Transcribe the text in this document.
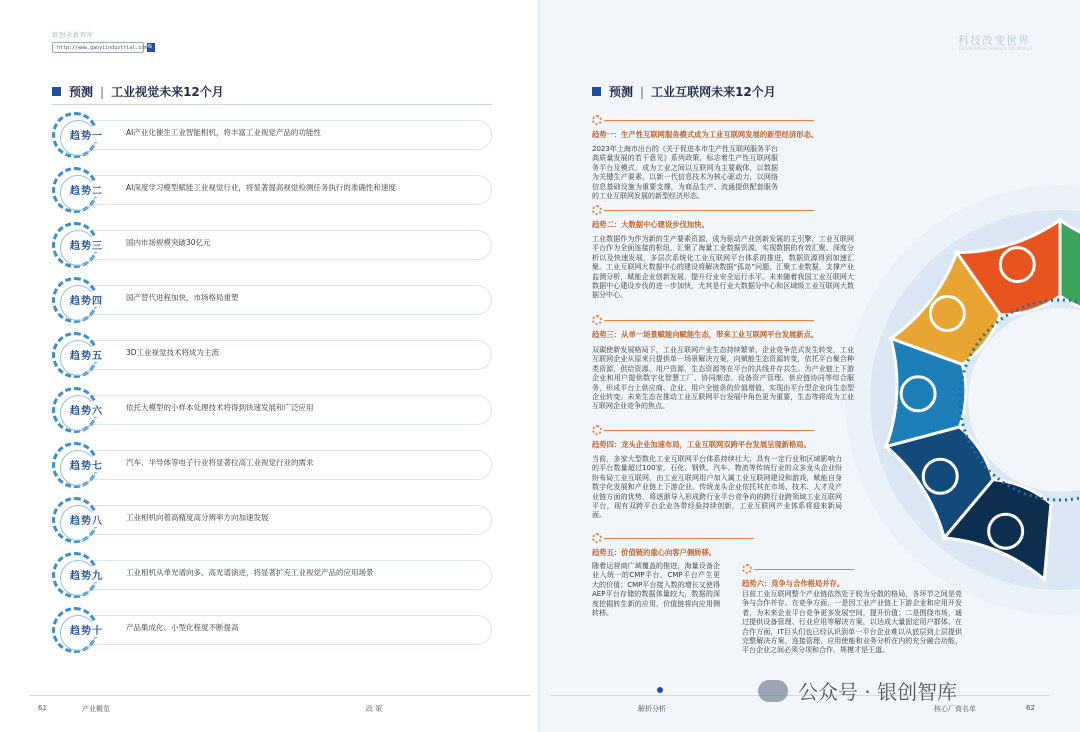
银创全新智库
http://www.gaoyiindustrial.com 🔍
预测 | 工业视觉未来12个月
趋势一	AI产业化催生工业智能相机，将丰富工业视觉产品的功能性
趋势二	AI深度学习模型赋能工业视觉行业，将显著提高视觉检测任务执行的准确性和速度
趋势三	国内市场规模突破30亿元
趋势四	国产替代进程加快，市场格局重塑
趋势五	3D工业视觉技术将成为主流
趋势六	依托大模型的小样本处理技术将得到快速发展和广泛应用
趋势七	汽车、半导体等电子行业将显著拉高工业视觉行业的需求
趋势八	工业相机向着高精度高分辨率方向加速发展
趋势九	工业相机从单光谱向多、高光谱演进，将显著扩充工业视觉产品的应用场景
趋势十	产品集成化、小型化程度不断提高
61	产业概览	政 策
科技改变世界
TECHNOLOGY CHANGES THE WORLD
预测 | 工业互联网未来12个月
趋势一：生产性互联网服务模式成为工业互联网发展的新型经济形态。
2023年上海市出台的《关于促进本市生产性互联网服务平台高质量发展的若干意见》系列政策，标志着生产性互联网服务平台及模式，成为工业之间以互联网为主要载体，以数据为关键生产要素，以新一代信息技术为核心驱动力，以网络信息基础设施为重要支撑，为商品生产、流通提供配套服务的工业互联网发展的新型经济形态。
趋势二：大数据中心建设步伐加快。
工业数据作为作为新的生产要素资源，成为驱动产业创新发展的主引擎，工业互联网平台作为全面连接的枢纽，汇聚了海量工业数据资源，实现数据的有效汇聚、深度分析以及快速发展，多层次系统化工业互联网平台体系的推进，数据资源得到加速汇聚。工业互联网大数据中心的建设将解决数据“孤岛”问题，汇聚工业数据，支撑产业监测分析，赋能企业创新发展，提升行业安全运行水平。未来随着我国工业互联网大数据中心建设步伐的进一步加快，尤其是行业大数据分中心和区域级工业互联网大数据分中心。
趋势三：从单一场景赋能向赋能生态，带来工业互联网平台发展新点。
双碳使新发展格局下，工业互联网产业生态持续繁荣，企业竞争范式发生转变，工业互联网企业从原来只提供单一场景解决方案，向赋能生态资源转变，依托平台聚合种类资源，供给资源、用户资源、生态资源等在平台的共线并存共生。为产业链上下游企业和用户提供数字化智慧工厂、协同制造、设备资产管理、供应链协同等综合服务，形成平台上供应商、企业、用户全链条的价值增值，实现由平台型企业向生态型企业转变。未来生态在推动工业互联网平台发展中角色更为重要，生态等将成为工业互联网企业竞争的焦点。
趋势四：龙头企业加速布局，工业互联网双跨平台发展呈现新格局。
当前，多家大型数化工业互联网平台体系持续壮大，具有一定行业和区域影响力的平台数量超过100家，石化、钢铁、汽车、物流等传统行业的众多龙头企业纷纷布局工业互联网，由工业互联网用户加入属工业互联网建设和游戏，赋能自身数字化发展和产业链上下游企业。传统龙头企业依托其在市场、技术、人才及产业链方面的优势，将逐渐导入形成跨行业平台竞争向的跨行业跨领域工业互联网平台，现有双跨平台企业各带经验持续创新，工业互联网产业体系将迎来新局面。
趋势五：价值链的重心向客户侧转移。
随着运营商广域覆盖的推进，海量设备企业入统一的CMP平台，CMP平台产生更大的价值；CMP平台接入数的增长又使得AEP平台存储的数据体量较大，数据的深度挖掘转生新的应用，价值链将向应用侧转移。
趋势六：竞争与合作格局并存。
目前工业互联网整个产业链依然处于较为分散的格局，各环节之间是竞争与合作并存。在竞争方面，一是因工业产业链上下游企业和应用开发者，为未来企业平台竞争更多发展空间，提升价值；二是围绕市场，通过提供设备管理、行业应用等解决方案，以达成大量固定用户群体。在合作方面，IT巨头们也已经认识到单一平台企业难以从底层到上层提供完整解决方案，连接管理、应用使能和业务分析在内的充分融合功能，平台企业之间必须分项和合作，规模才是王道。
解析分析	核心厂商名单	62
公众号 · 银创智库
